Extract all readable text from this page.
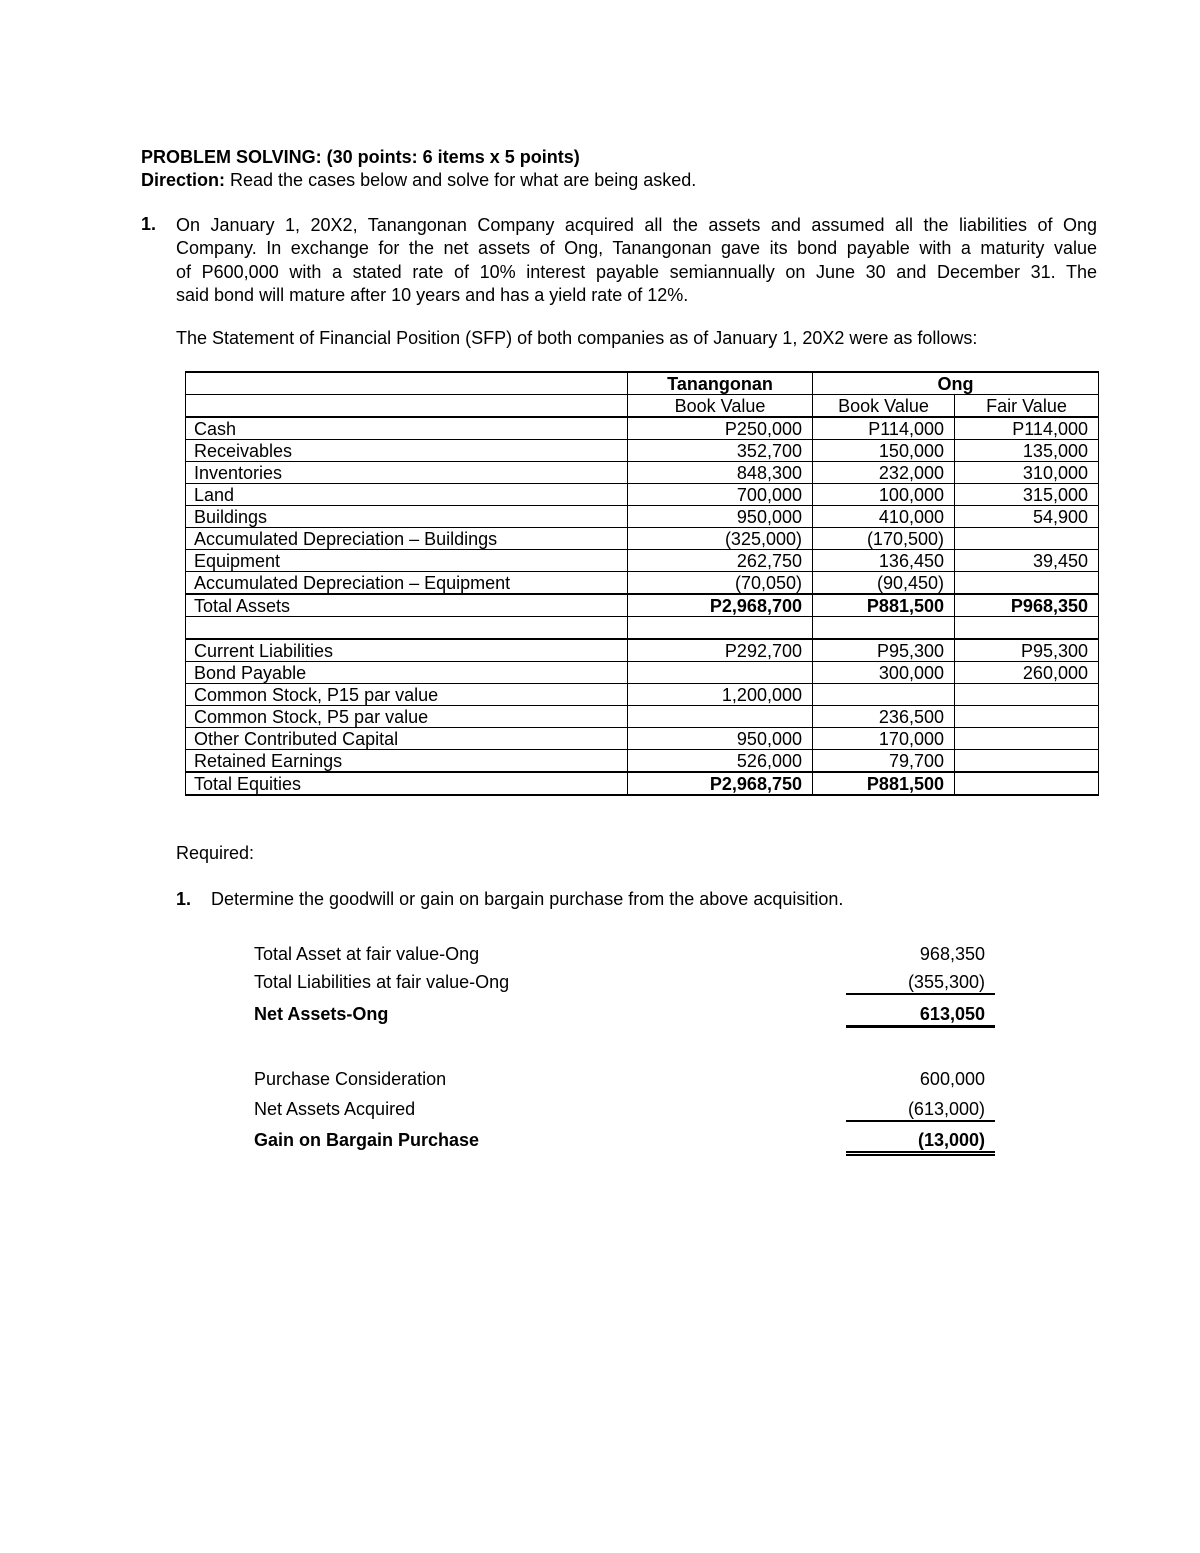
PROBLEM SOLVING: (30 points: 6 items x 5 points)
Direction: Read the cases below and solve for what are being asked.
1. On January 1, 20X2, Tanangonan Company acquired all the assets and assumed all the liabilities of Ong
Company. In exchange for the net assets of Ong, Tanangonan gave its bond payable with a maturity value
of P600,000 with a stated rate of 10% interest payable semiannually on June 30 and December 31. The
said bond will mature after 10 years and has a yield rate of 12%.
The Statement of Financial Position (SFP) of both companies as of January 1, 20X2 were as follows:
	Tanangonan	Ong	
	Book Value	Book Value	Fair Value
Cash	P250,000	P114,000	P114,000
Receivables	352,700	150,000	135,000
Inventories	848,300	232,000	310,000
Land	700,000	100,000	315,000
Buildings	950,000	410,000	54,900
Accumulated Depreciation – Buildings	(325,000)	(170,500)	
Equipment	262,750	136,450	39,450
Accumulated Depreciation – Equipment	(70,050)	(90,450)	
Total Assets	P2,968,700	P881,500	P968,350

Current Liabilities	P292,700	P95,300	P95,300
Bond Payable		300,000	260,000
Common Stock, P15 par value	1,200,000		
Common Stock, P5 par value		236,500	
Other Contributed Capital	950,000	170,000	
Retained Earnings	526,000	79,700	
Total Equities	P2,968,750	P881,500	
Required:
1. Determine the goodwill or gain on bargain purchase from the above acquisition.
Total Asset at fair value-Ong	968,350
Total Liabilities at fair value-Ong	(355,300)
Net Assets-Ong	613,050
Purchase Consideration	600,000
Net Assets Acquired	(613,000)
Gain on Bargain Purchase	(13,000)
